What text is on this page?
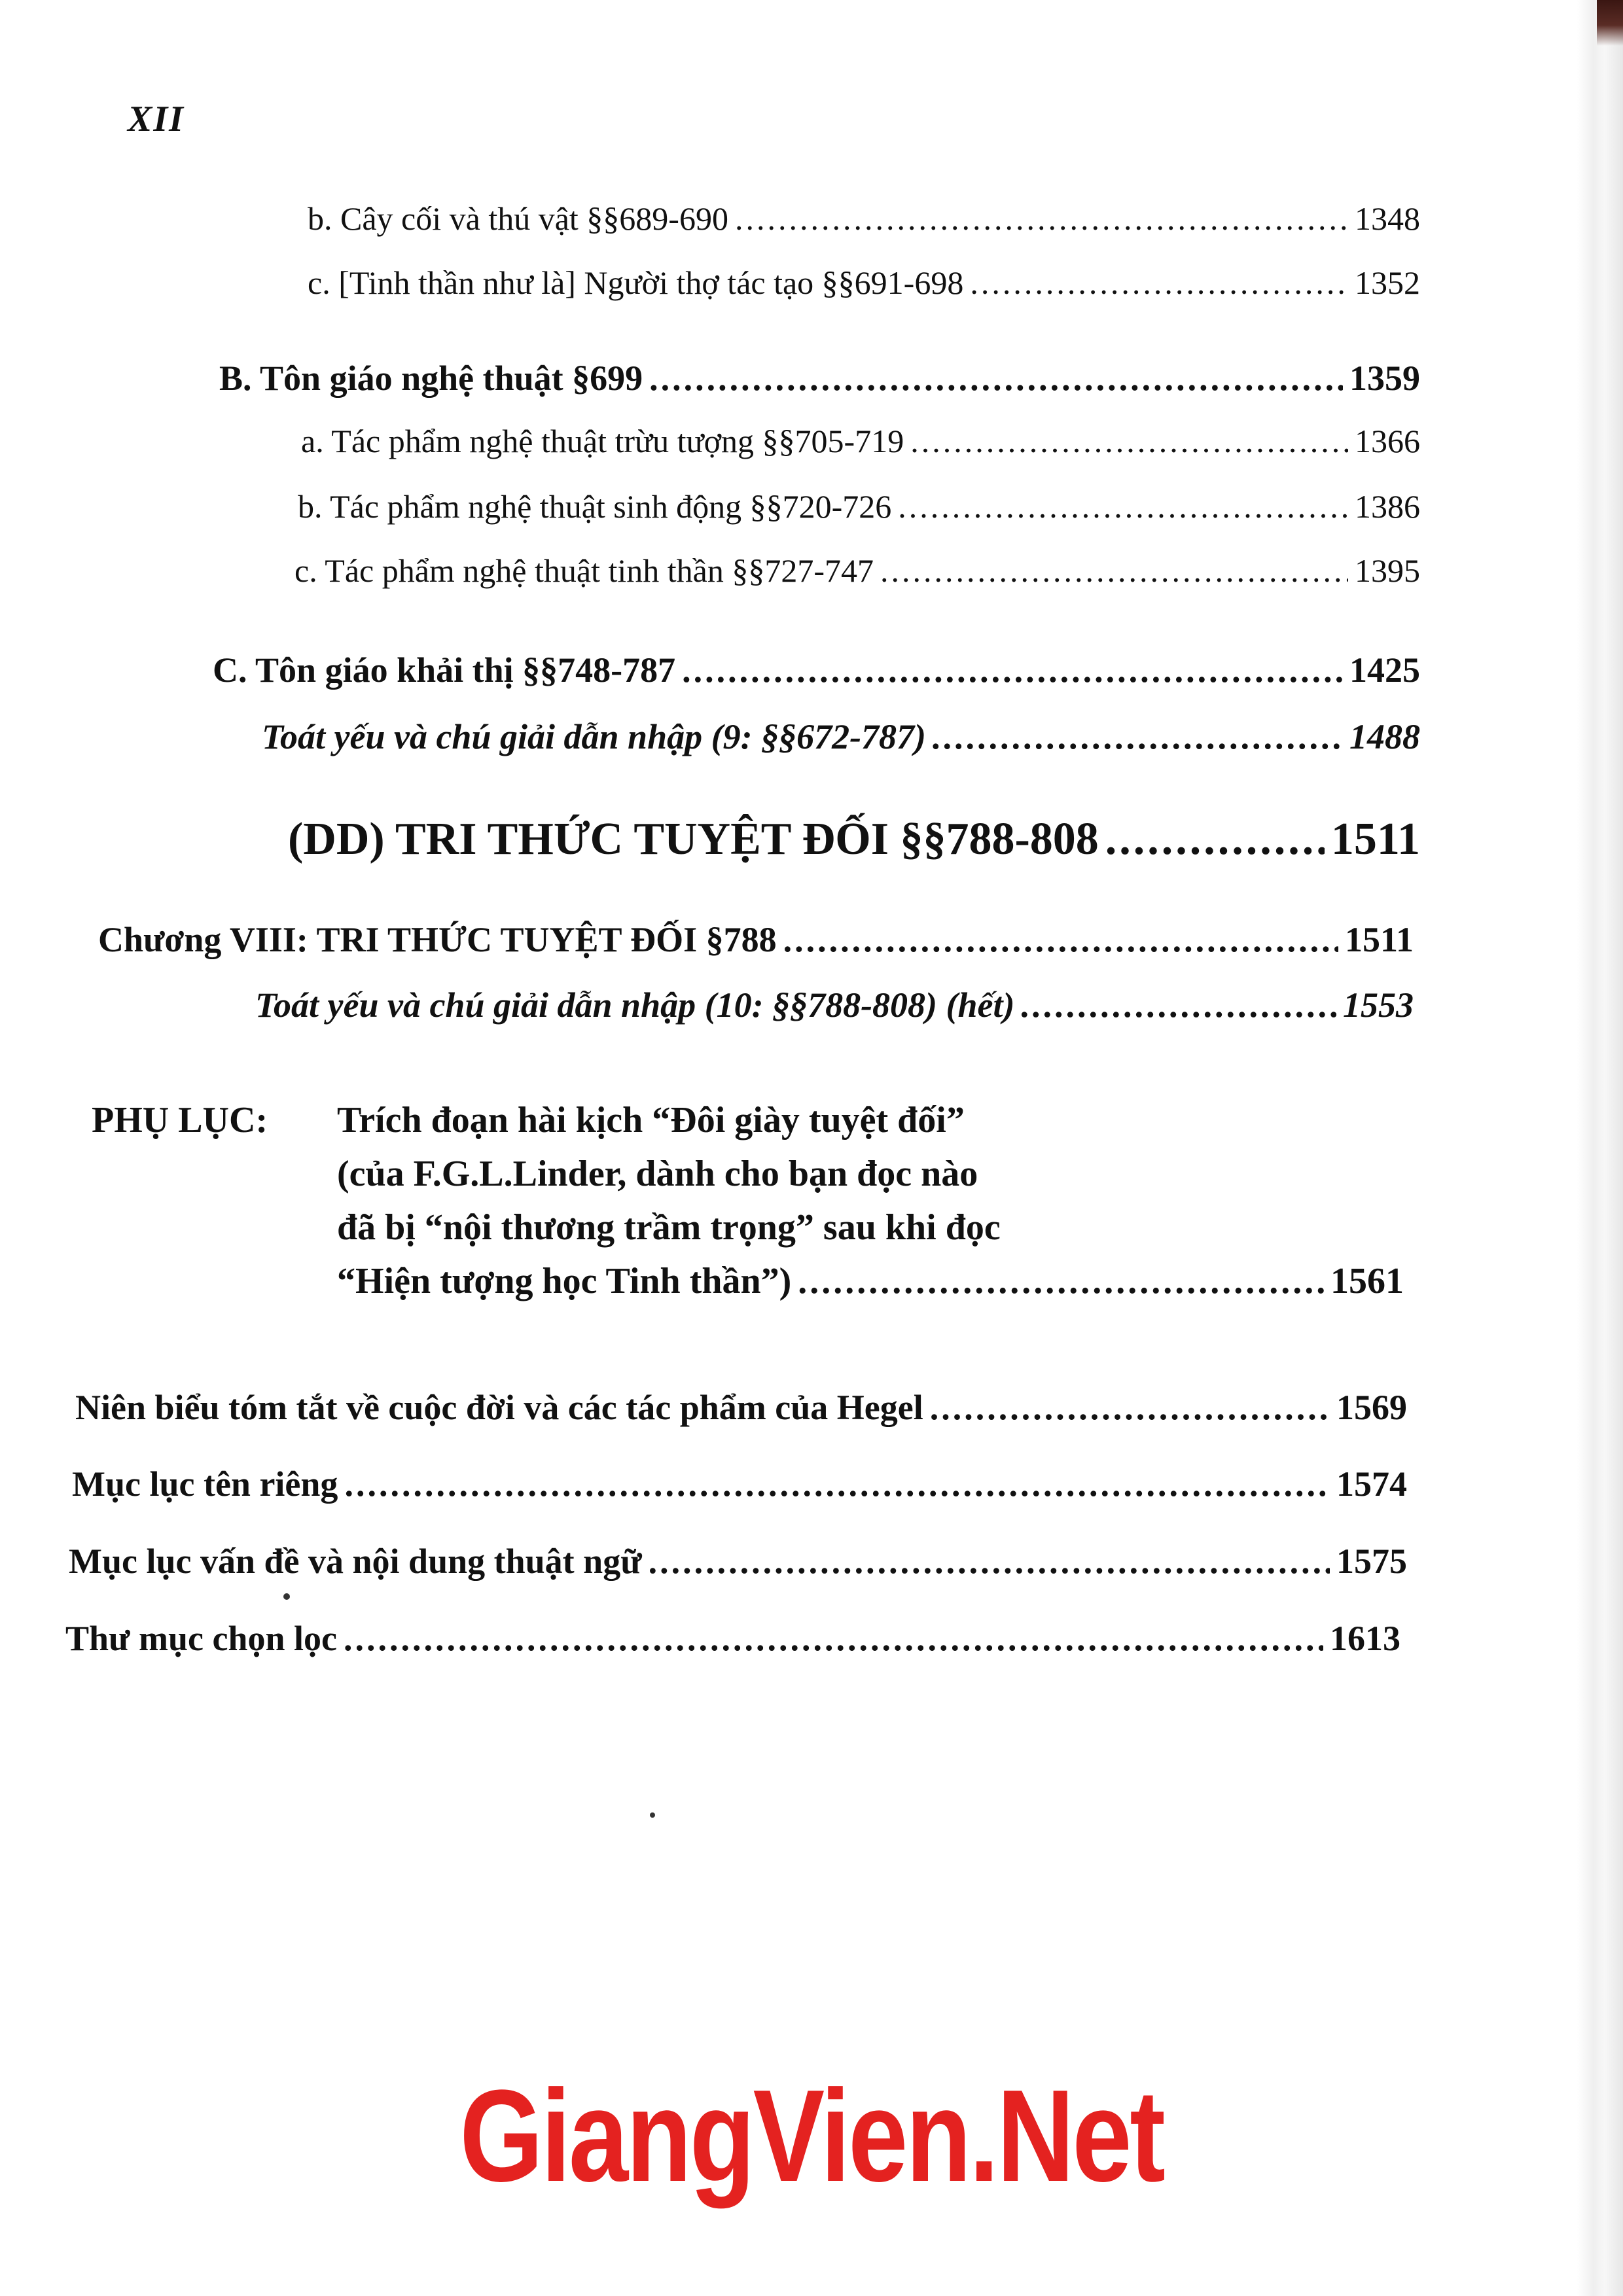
XII
b. Cây cối và thú vật §§689-690 .....	1348
c. [Tinh thần như là] Người thợ tác tạo §§691-698 .....	1352
B. Tôn giáo nghệ thuật §699 .....	1359
a. Tác phẩm nghệ thuật trừu tượng §§705-719 .....	1366
b. Tác phẩm nghệ thuật sinh động §§720-726 .....	1386
c. Tác phẩm nghệ thuật tinh thần §§727-747 .....	1395
C. Tôn giáo khải thị §§748-787 .....	1425
Toát yếu và chú giải dẫn nhập (9: §§672-787) .....	1488
(DD) TRI THỨC TUYỆT ĐỐI §§788-808 .....	1511
Chương VIII: TRI THỨC TUYỆT ĐỐI §788 .....	1511
Toát yếu và chú giải dẫn nhập (10: §§788-808) (hết) .....	1553
PHỤ LỤC: Trích đoạn hài kịch “Đôi giày tuyệt đối”
(của F.G.L.Linder, dành cho bạn đọc nào
đã bị “nội thương trầm trọng” sau khi đọc
“Hiện tượng học Tinh thần”) .....	1561
Niên biểu tóm tắt về cuộc đời và các tác phẩm của Hegel .....	1569
Mục lục tên riêng .....	1574
Mục lục vấn đề và nội dung thuật ngữ .....	1575
Thư mục chọn lọc .....	1613
GiangVien.Net
